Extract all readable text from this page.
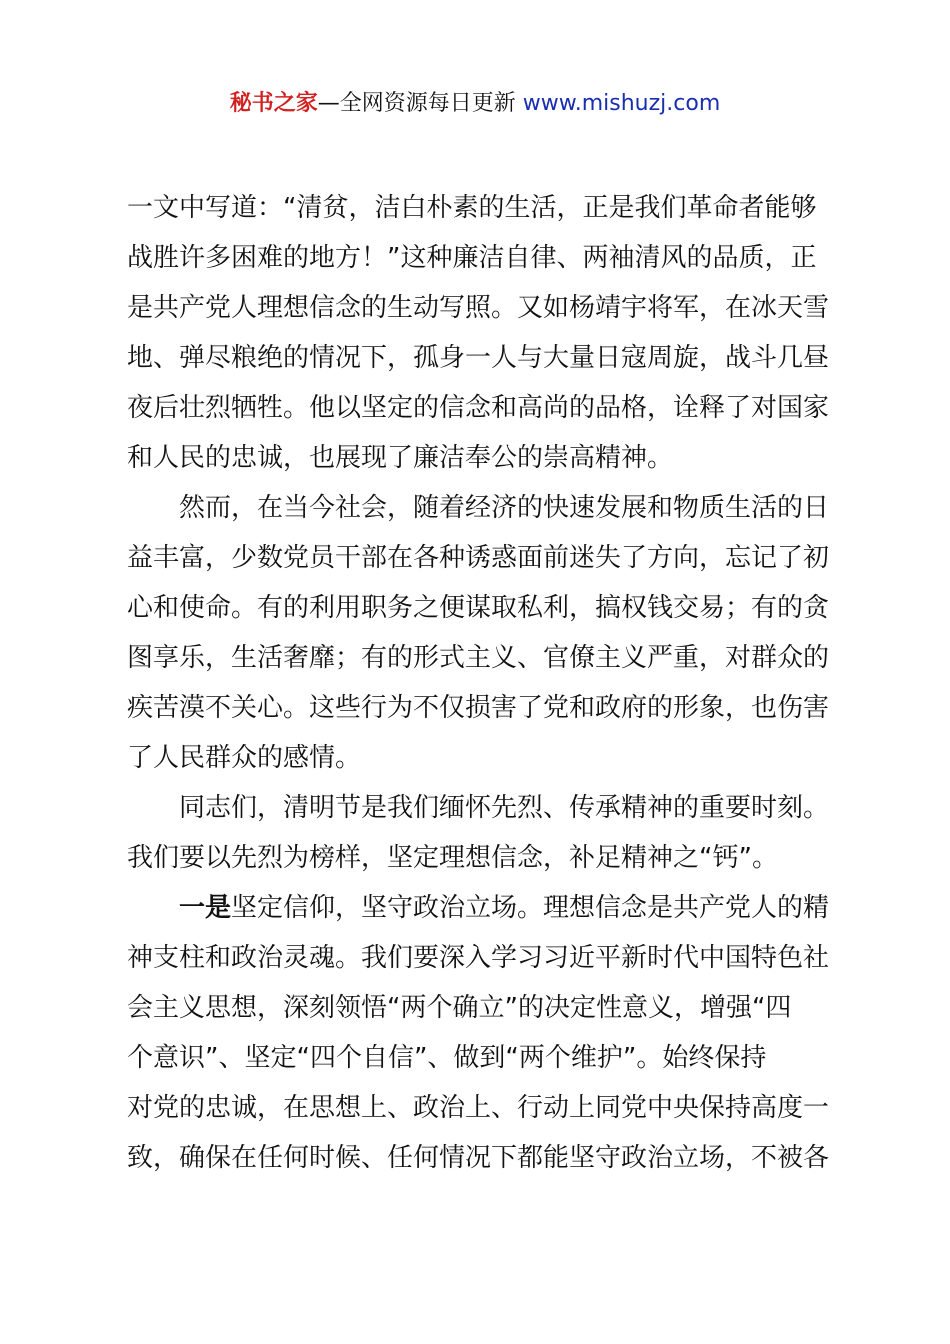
秘书之家—全网资源每日更新 www.mishuzj.com
一文中写道：“清贫，洁白朴素的生活，正是我们革命者能够
战胜许多困难的地方！”这种廉洁自律、两袖清风的品质，正
是共产党人理想信念的生动写照。又如杨靖宇将军，在冰天雪
地、弹尽粮绝的情况下，孤身一人与大量日寇周旋，战斗几昼
夜后壮烈牺牲。他以坚定的信念和高尚的品格，诠释了对国家
和人民的忠诚，也展现了廉洁奉公的崇高精神。
然而，在当今社会，随着经济的快速发展和物质生活的日
益丰富，少数党员干部在各种诱惑面前迷失了方向，忘记了初
心和使命。有的利用职务之便谋取私利，搞权钱交易；有的贪
图享乐，生活奢靡；有的形式主义、官僚主义严重，对群众的
疾苦漠不关心。这些行为不仅损害了党和政府的形象，也伤害
了人民群众的感情。
同志们，清明节是我们缅怀先烈、传承精神的重要时刻。
我们要以先烈为榜样，坚定理想信念，补足精神之“钙”。
一是坚定信仰，坚守政治立场。理想信念是共产党人的精
神支柱和政治灵魂。我们要深入学习习近平新时代中国特色社
会主义思想，深刻领悟“两个确立”的决定性意义，增强“四
个意识”、坚定“四个自信”、做到“两个维护”。始终保持
对党的忠诚，在思想上、政治上、行动上同党中央保持高度一
致，确保在任何时候、任何情况下都能坚守政治立场，不被各
